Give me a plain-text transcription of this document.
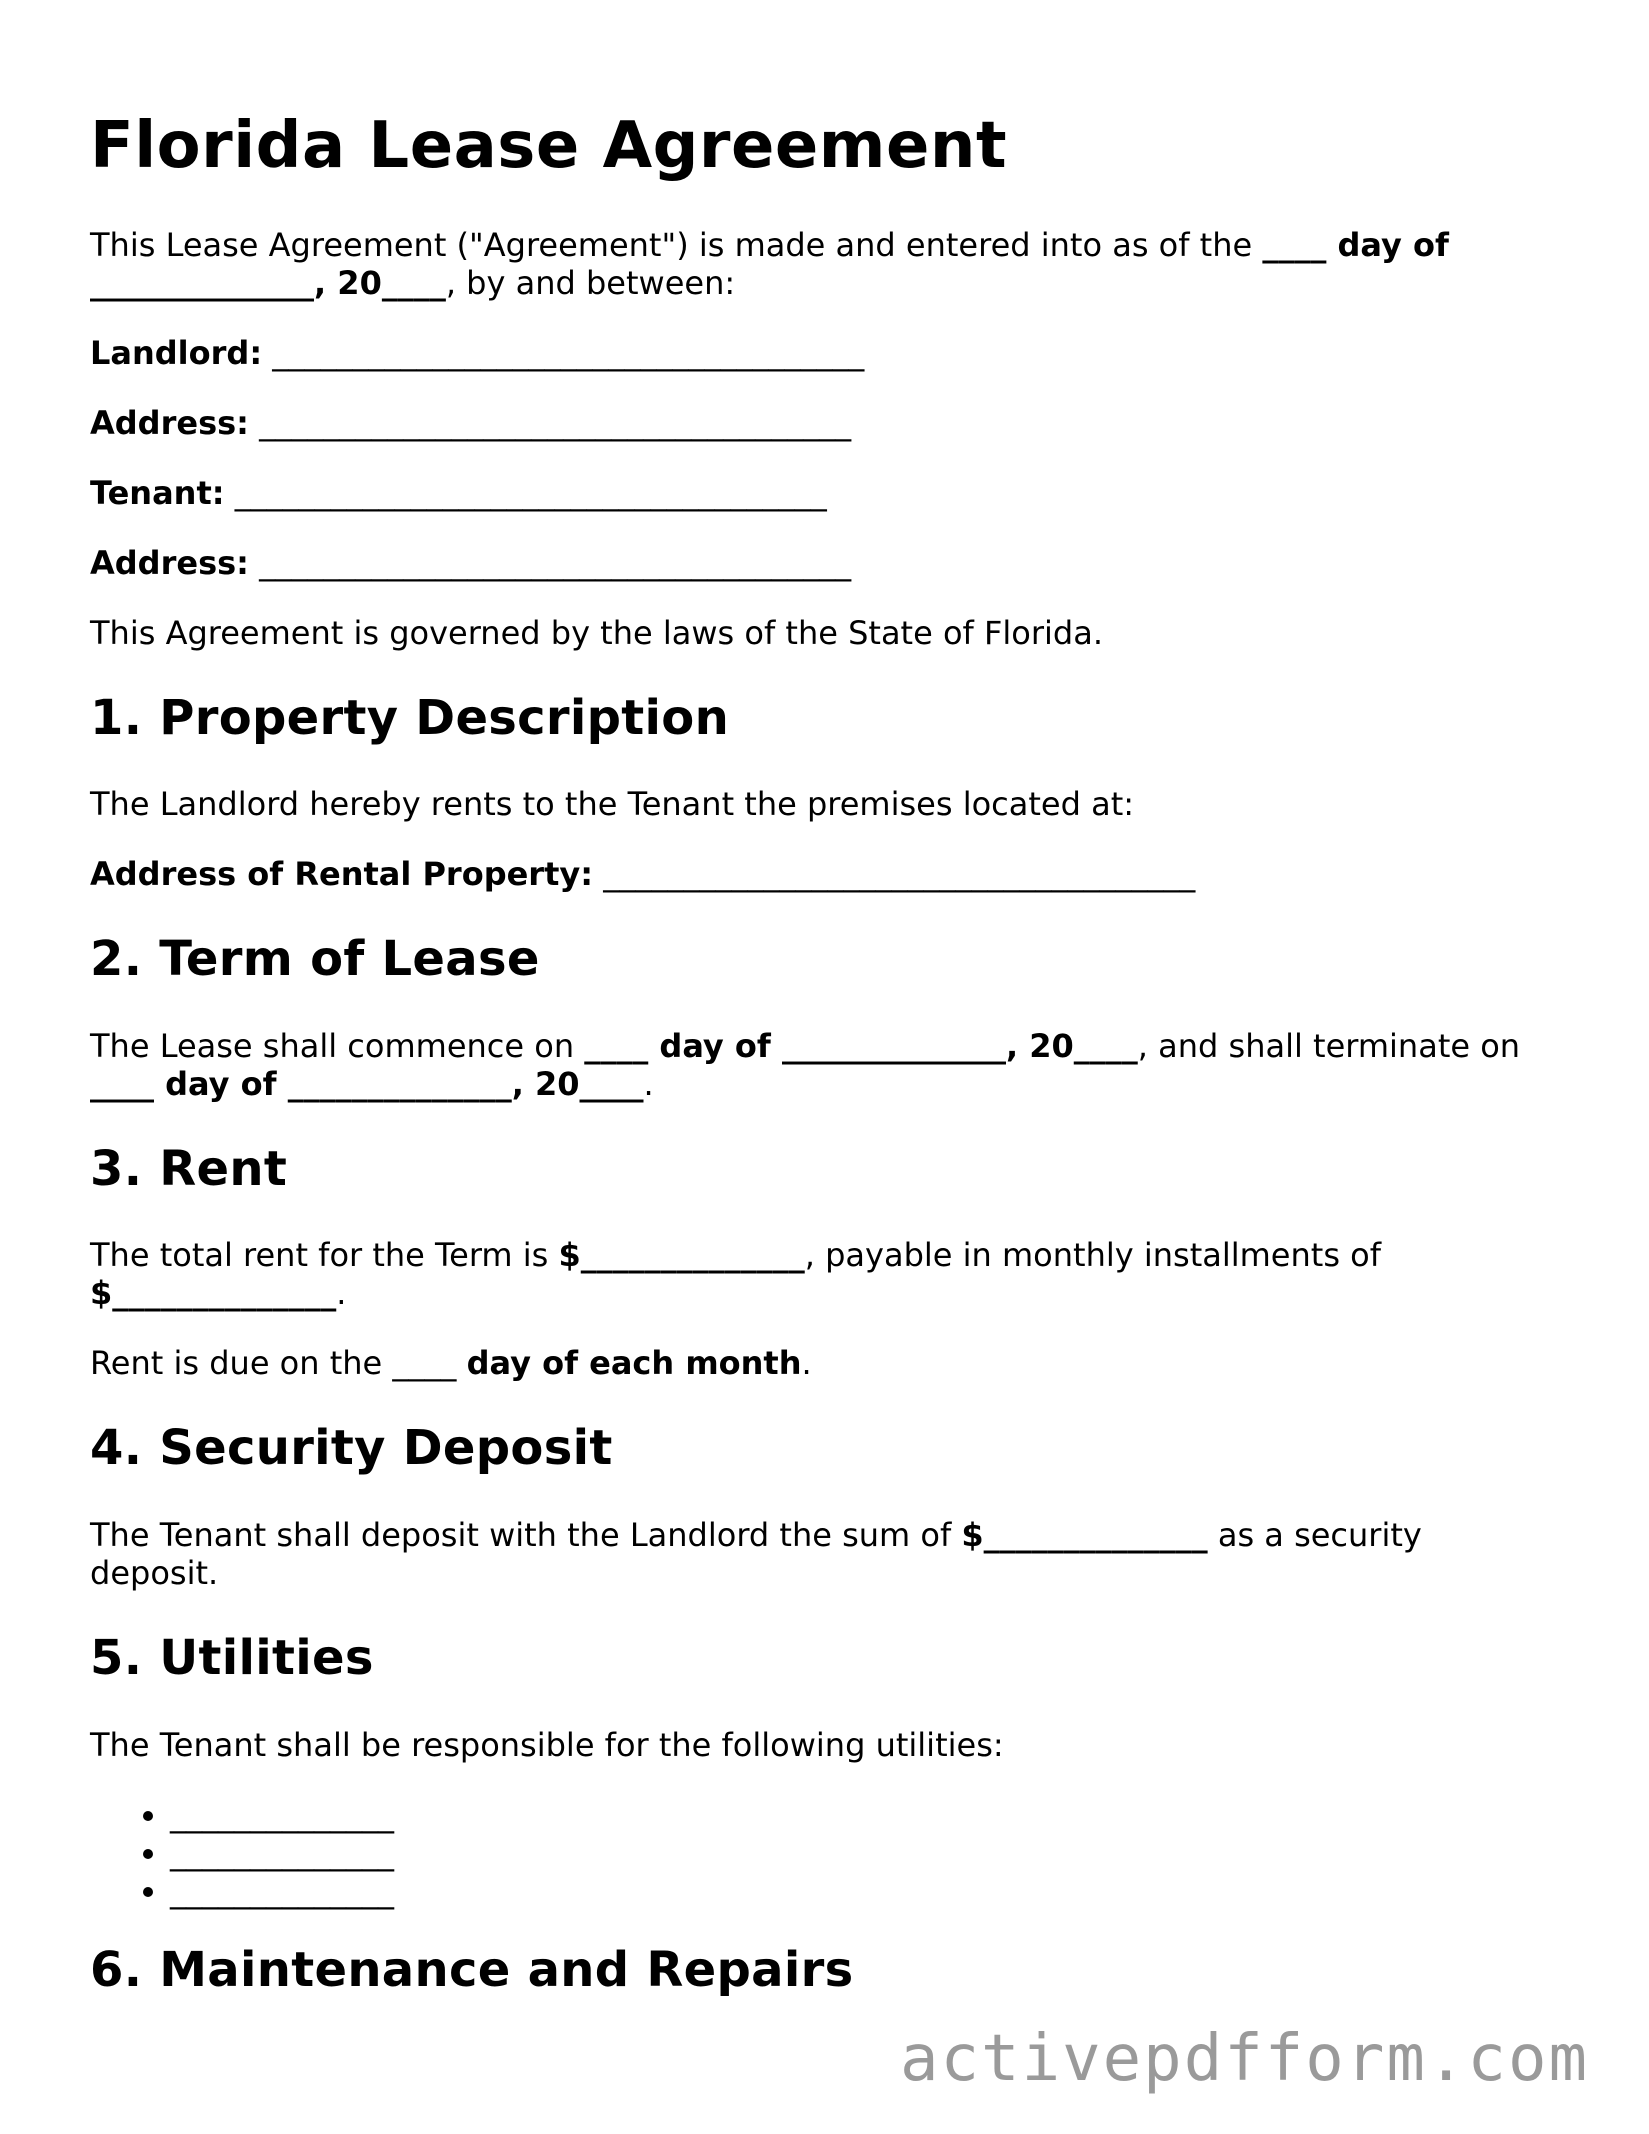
Florida Lease Agreement

This Lease Agreement ("Agreement") is made and entered into as of the ____ day of ______________, 20____, by and between:

Landlord: _____________________________________
Address: _____________________________________
Tenant: _____________________________________
Address: _____________________________________

This Agreement is governed by the laws of the State of Florida.

1. Property Description

The Landlord hereby rents to the Tenant the premises located at:

Address of Rental Property: _____________________________________
2. Term of Lease

The Lease shall commence on ____ day of ______________, 20____, and shall terminate on ____ day of ______________, 20____.

3. Rent

The total rent for the Term is $______________, payable in monthly installments of $______________.

Rent is due on the ____ day of each month.

4. Security Deposit

The Tenant shall deposit with the Landlord the sum of $______________ as a security deposit.

5. Utilities

The Tenant shall be responsible for the following utilities:

• ______________
• ______________
• ______________
6. Maintenance and Repairs
activepdfform.com
